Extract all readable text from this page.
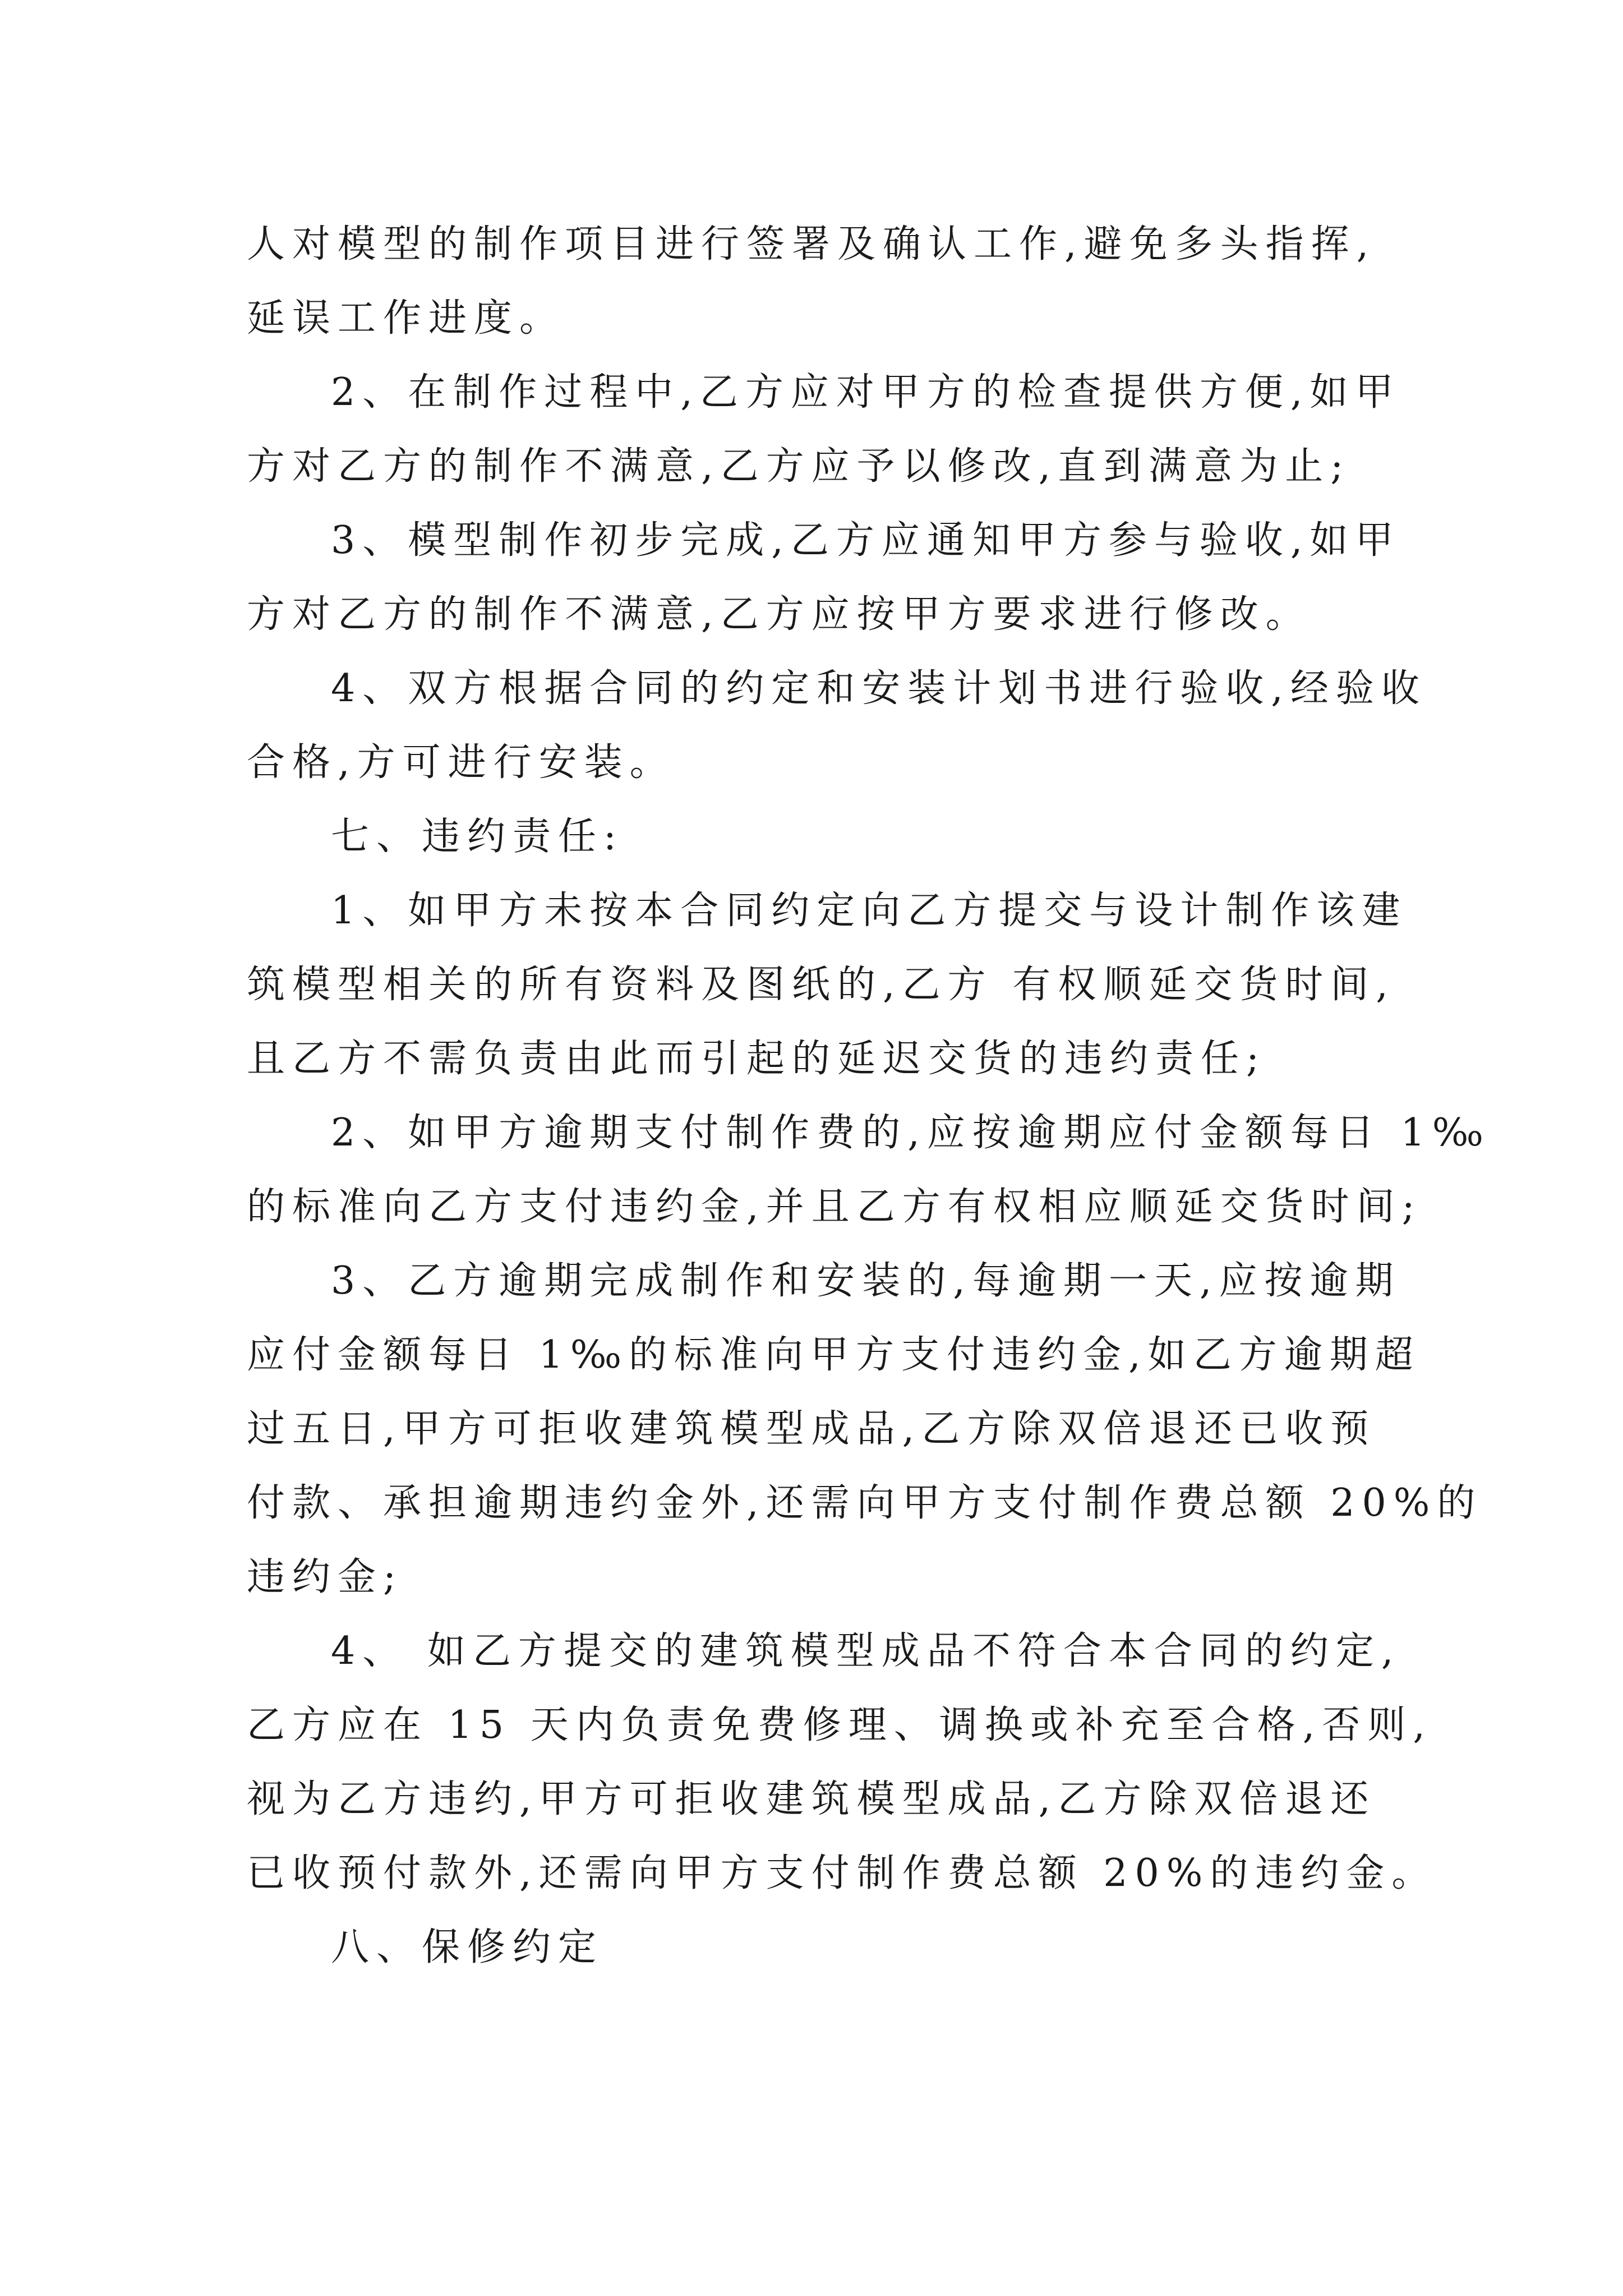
人对模型的制作项目进行签署及确认工作,避免多头指挥,
延误工作进度。
2、在制作过程中,乙方应对甲方的检查提供方便,如甲
方对乙方的制作不满意,乙方应予以修改,直到满意为止;
3、模型制作初步完成,乙方应通知甲方参与验收,如甲
方对乙方的制作不满意,乙方应按甲方要求进行修改。
4、双方根据合同的约定和安装计划书进行验收,经验收
合格,方可进行安装。
七、违约责任:
1、如甲方未按本合同约定向乙方提交与设计制作该建
筑模型相关的所有资料及图纸的,乙方 有权顺延交货时间,
且乙方不需负责由此而引起的延迟交货的违约责任;
2、如甲方逾期支付制作费的,应按逾期应付金额每日 1‰
的标准向乙方支付违约金,并且乙方有权相应顺延交货时间;
3、乙方逾期完成制作和安装的,每逾期一天,应按逾期
应付金额每日 1‰的标准向甲方支付违约金,如乙方逾期超
过五日,甲方可拒收建筑模型成品,乙方除双倍退还已收预
付款、承担逾期违约金外,还需向甲方支付制作费总额 20%的
违约金;
4、 如乙方提交的建筑模型成品不符合本合同的约定,
乙方应在 15 天内负责免费修理、调换或补充至合格,否则,
视为乙方违约,甲方可拒收建筑模型成品,乙方除双倍退还
已收预付款外,还需向甲方支付制作费总额 20%的违约金。
八、保修约定
